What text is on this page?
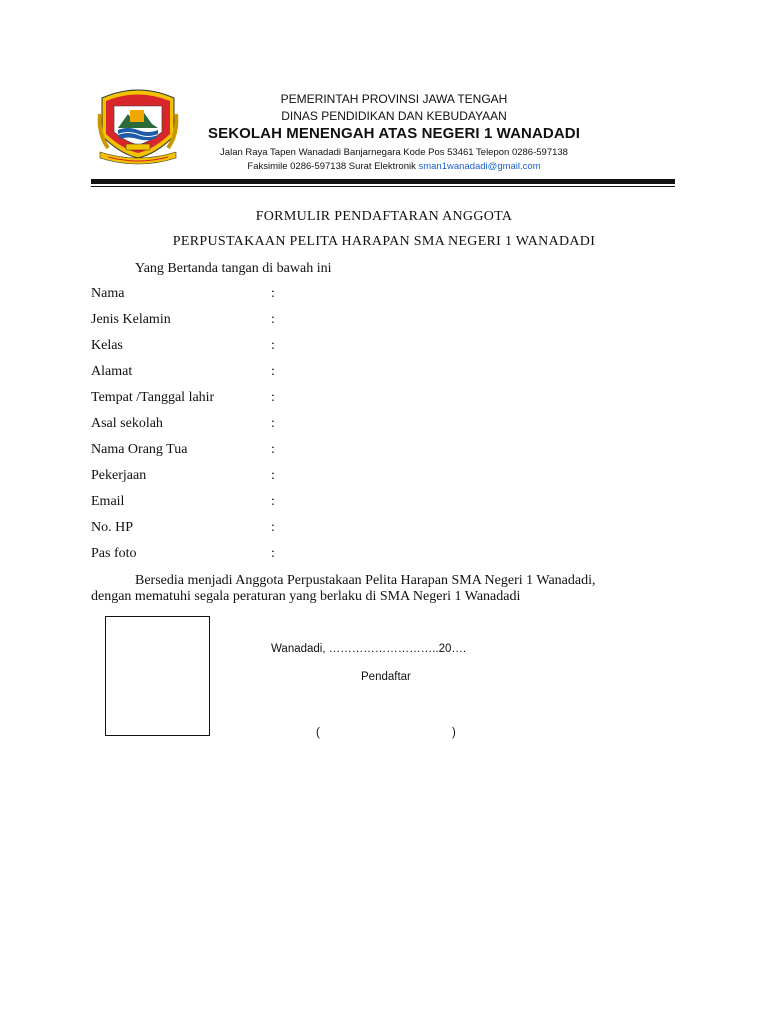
PEMERINTAH PROVINSI JAWA TENGAH
DINAS PENDIDIKAN DAN KEBUDAYAAN
SEKOLAH MENENGAH ATAS NEGERI 1 WANADADI
Jalan Raya Tapen Wanadadi Banjarnegara Kode Pos 53461 Telepon 0286-597138
Faksimile 0286-597138 Surat Elektronik sman1wanadadi@gmail.com
FORMULIR PENDAFTARAN ANGGOTA
PERPUSTAKAAN PELITA HARAPAN SMA NEGERI 1 WANADADI
Yang Bertanda tangan di bawah ini
Nama	:
Jenis Kelamin	:
Kelas	:
Alamat	:
Tempat /Tanggal lahir	:
Asal sekolah	:
Nama Orang Tua	:
Pekerjaan	:
Email	:
No. HP	:
Pas foto	:
Bersedia menjadi Anggota Perpustakaan Pelita Harapan SMA Negeri 1 Wanadadi,
dengan mematuhi segala peraturan yang berlaku di SMA Negeri 1 Wanadadi
Wanadadi, ………………………..20….
Pendaftar
(	)
